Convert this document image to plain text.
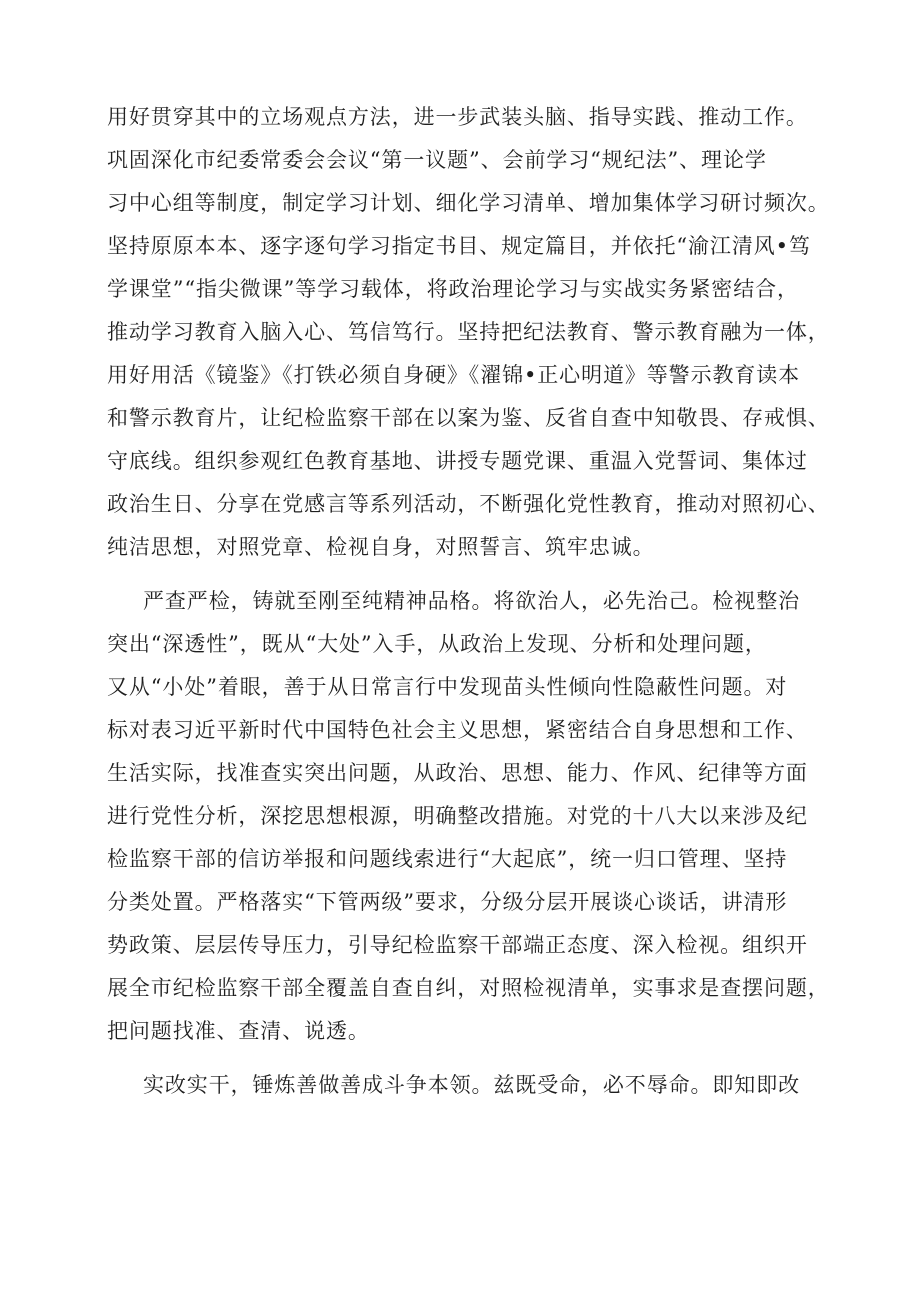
用好贯穿其中的立场观点方法，进一步武装头脑、指导实践、推动工作。
巩固深化市纪委常委会会议“第一议题”、会前学习“规纪法”、理论学
习中心组等制度，制定学习计划、细化学习清单、增加集体学习研讨频次。
坚持原原本本、逐字逐句学习指定书目、规定篇目，并依托“渝江清风•笃
学课堂”“指尖微课”等学习载体，将政治理论学习与实战实务紧密结合，
推动学习教育入脑入心、笃信笃行。坚持把纪法教育、警示教育融为一体，
用好用活《镜鉴》《打铁必须自身硬》《濯锦•正心明道》等警示教育读本
和警示教育片，让纪检监察干部在以案为鉴、反省自查中知敬畏、存戒惧、
守底线。组织参观红色教育基地、讲授专题党课、重温入党誓词、集体过
政治生日、分享在党感言等系列活动，不断强化党性教育，推动对照初心、
纯洁思想，对照党章、检视自身，对照誓言、筑牢忠诚。
严查严检，铸就至刚至纯精神品格。将欲治人，必先治己。检视整治
突出“深透性”，既从“大处”入手，从政治上发现、分析和处理问题，
又从“小处”着眼，善于从日常言行中发现苗头性倾向性隐蔽性问题。对
标对表习近平新时代中国特色社会主义思想，紧密结合自身思想和工作、
生活实际，找准查实突出问题，从政治、思想、能力、作风、纪律等方面
进行党性分析，深挖思想根源，明确整改措施。对党的十八大以来涉及纪
检监察干部的信访举报和问题线索进行“大起底”，统一归口管理、坚持
分类处置。严格落实“下管两级”要求，分级分层开展谈心谈话，讲清形
势政策、层层传导压力，引导纪检监察干部端正态度、深入检视。组织开
展全市纪检监察干部全覆盖自查自纠，对照检视清单，实事求是查摆问题，
把问题找准、查清、说透。
实改实干，锤炼善做善成斗争本领。兹既受命，必不辱命。即知即改
